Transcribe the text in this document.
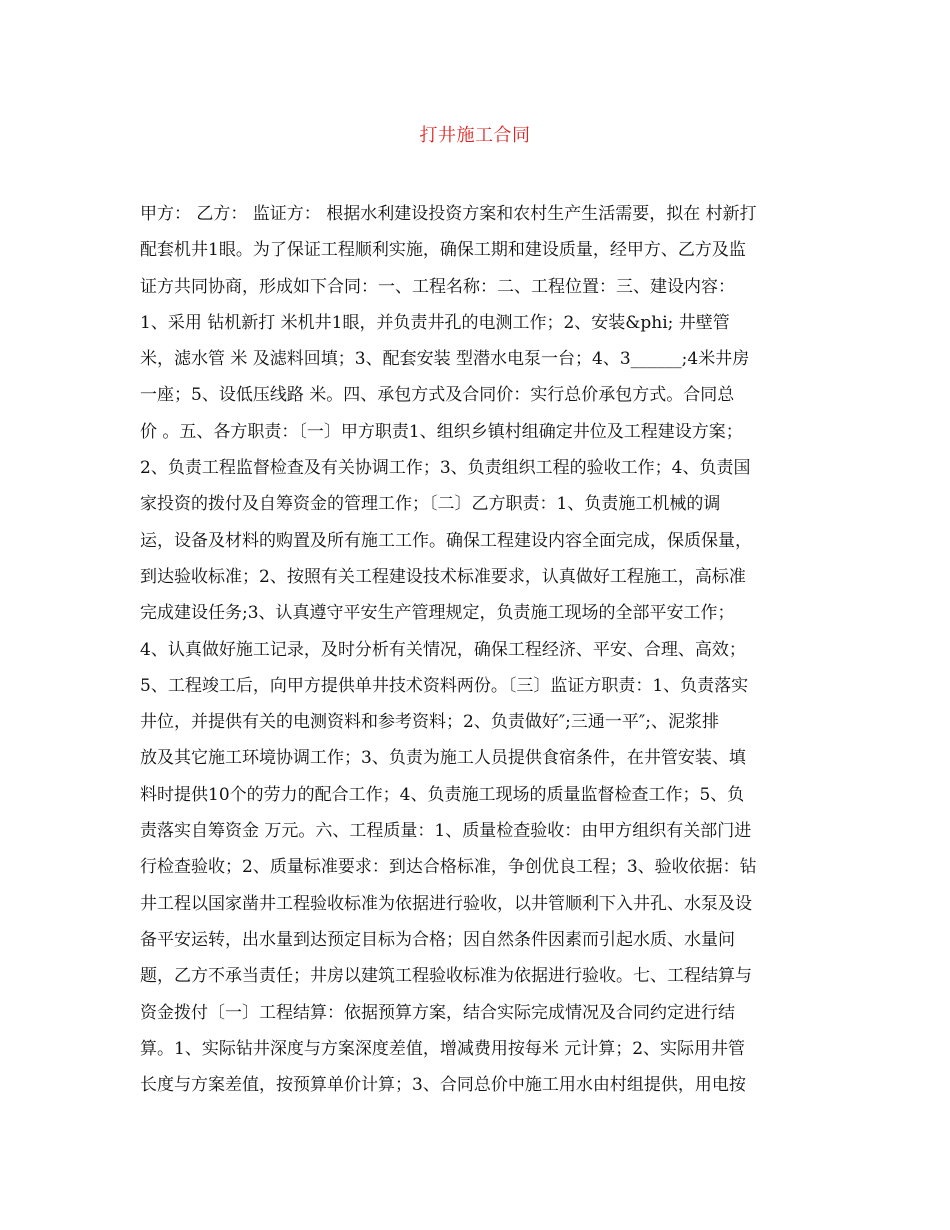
打井施工合同
甲方： 乙方： 监证方： 根据水利建设投资方案和农村生产生活需要，拟在 村新打
配套机井1眼。为了保证工程顺利实施，确保工期和建设质量，经甲方、乙方及监
证方共同协商，形成如下合同：一、工程名称：二、工程位置：三、建设内容：
1、采用 钻机新打 米机井1眼，并负责井孔的电测工作；2、安装&phi; 井壁管
米，滤水管 米 及滤料回填；3、配套安装 型潜水电泵一台；4、3______;4米井房
一座；5、设低压线路 米。四、承包方式及合同价：实行总价承包方式。合同总
价 。五、各方职责：〔一〕甲方职责1、组织乡镇村组确定井位及工程建设方案；
2、负责工程监督检查及有关协调工作；3、负责组织工程的验收工作；4、负责国
家投资的拨付及自筹资金的管理工作；〔二〕乙方职责：1、负责施工机械的调
运，设备及材料的购置及所有施工工作。确保工程建设内容全面完成，保质保量，
到达验收标准；2、按照有关工程建设技术标准要求，认真做好工程施工，高标准
完成建设任务;3、认真遵守平安生产管理规定，负责施工现场的全部平安工作；
4、认真做好施工记录，及时分析有关情况，确保工程经济、平安、合理、高效；
5、工程竣工后，向甲方提供单井技术资料两份。〔三〕监证方职责：1、负责落实
井位，并提供有关的电测资料和参考资料；2、负责做好″;三通一平″;、泥浆排
放及其它施工环境协调工作；3、负责为施工人员提供食宿条件，在井管安装、填
料时提供10个的劳力的配合工作；4、负责施工现场的质量监督检查工作；5、负
责落实自筹资金 万元。六、工程质量：1、质量检查验收：由甲方组织有关部门进
行检查验收；2、质量标准要求：到达合格标准，争创优良工程；3、验收依据：钻
井工程以国家凿井工程验收标准为依据进行验收，以井管顺利下入井孔、水泵及设
备平安运转，出水量到达预定目标为合格；因自然条件因素而引起水质、水量问
题，乙方不承当责任；井房以建筑工程验收标准为依据进行验收。七、工程结算与
资金拨付〔一〕工程结算：依据预算方案，结合实际完成情况及合同约定进行结
算。1、实际钻井深度与方案深度差值，增减费用按每米 元计算；2、实际用井管
长度与方案差值，按预算单价计算；3、合同总价中施工用水由村组提供，用电按
